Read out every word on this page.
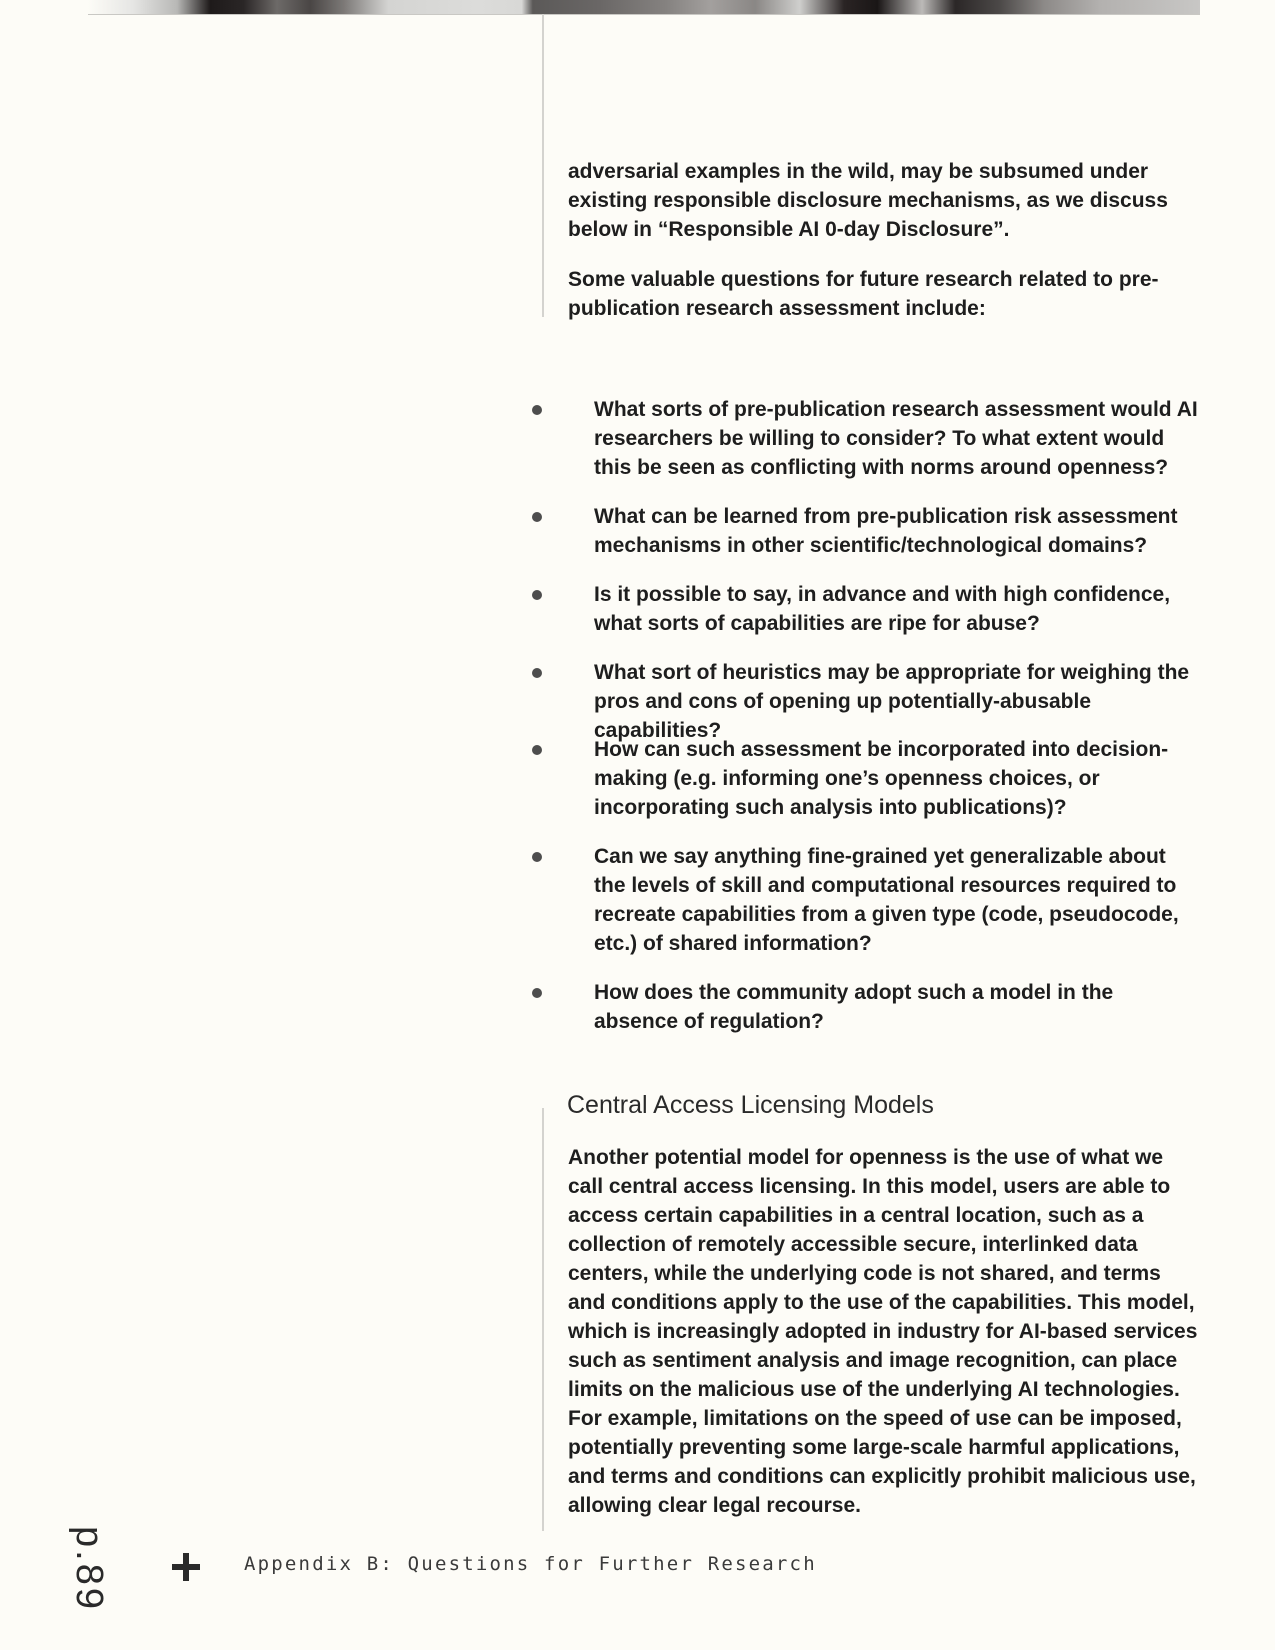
adversarial examples in the wild, may be subsumed under existing responsible disclosure mechanisms, as we discuss below in “Responsible AI 0-day Disclosure”.

Some valuable questions for future research related to pre-publication research assessment include:

What sorts of pre-publication research assessment would AI researchers be willing to consider? To what extent would this be seen as conflicting with norms around openness?
What can be learned from pre-publication risk assessment mechanisms in other scientific/technological domains?
Is it possible to say, in advance and with high confidence, what sorts of capabilities are ripe for abuse?
What sort of heuristics may be appropriate for weighing the pros and cons of opening up potentially-abusable capabilities?
How can such assessment be incorporated into decision-making (e.g. informing one’s openness choices, or incorporating such analysis into publications)?
Can we say anything fine-grained yet generalizable about the levels of skill and computational resources required to recreate capabilities from a given type (code, pseudocode, etc.) of shared information?
How does the community adopt such a model in the absence of regulation?
Central Access Licensing Models

Another potential model for openness is the use of what we call central access licensing. In this model, users are able to access certain capabilities in a central location, such as a collection of remotely accessible secure, interlinked data centers, while the underlying code is not shared, and terms and conditions apply to the use of the capabilities. This model, which is increasingly adopted in industry for AI-based services such as sentiment analysis and image recognition, can place limits on the malicious use of the underlying AI technologies. For example, limitations on the speed of use can be imposed, potentially preventing some large-scale harmful applications, and terms and conditions can explicitly prohibit malicious use, allowing clear legal recourse.

p.89	Appendix B: Questions for Further Research
